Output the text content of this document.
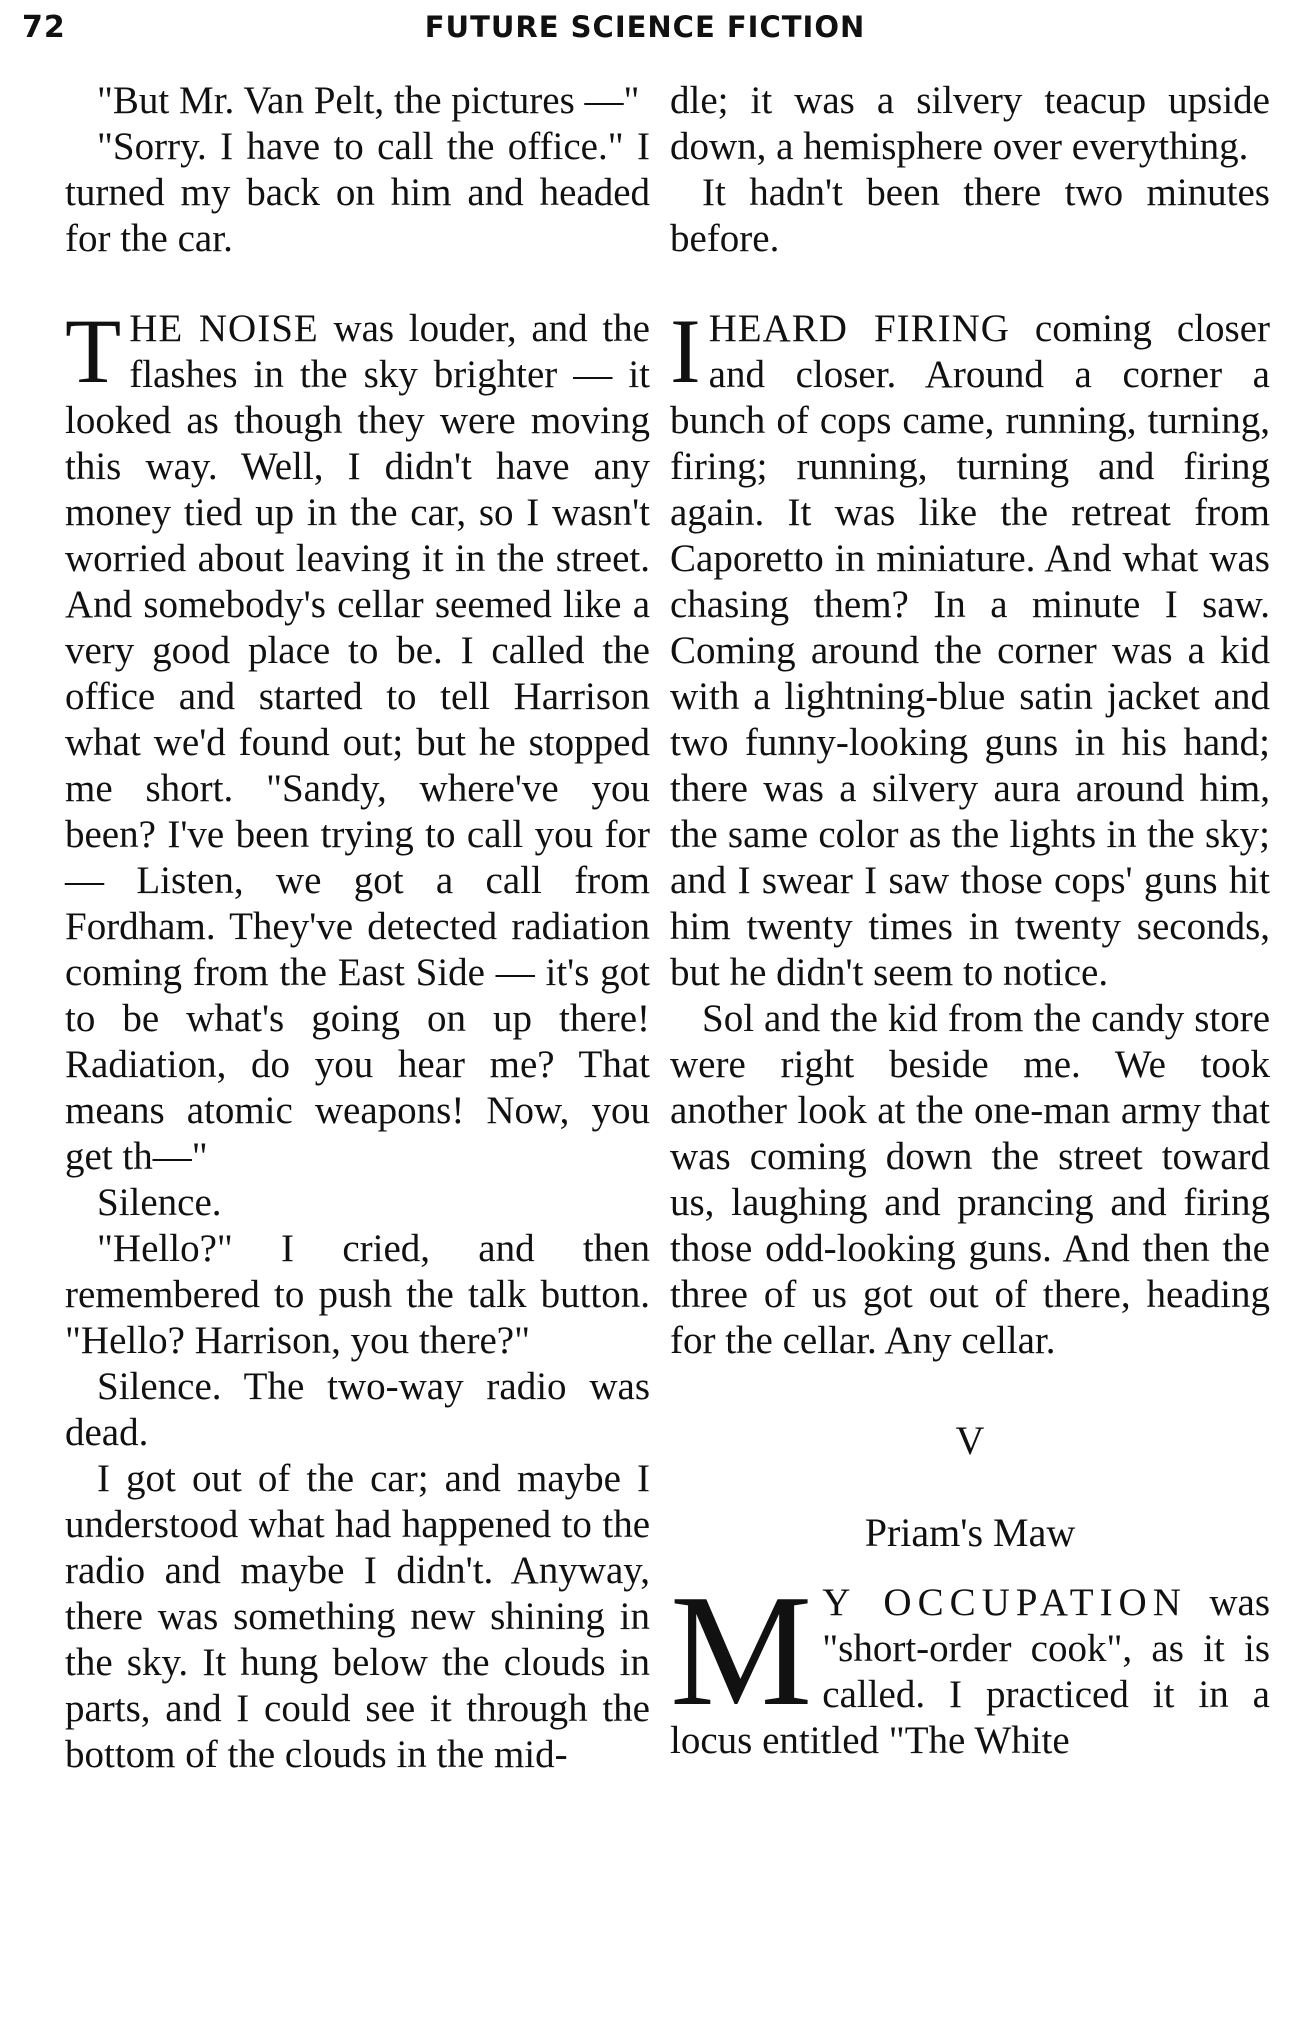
72	FUTURE SCIENCE FICTION

"But Mr. Van Pelt, the pictures —"

"Sorry. I have to call the office." I turned my back on him and headed for the car.

THE NOISE was louder, and the flashes in the sky brighter — it looked as though they were moving this way. Well, I didn't have any money tied up in the car, so I wasn't worried about leaving it in the street. And somebody's cellar seemed like a very good place to be. I called the office and started to tell Harrison what we'd found out; but he stopped me short. "Sandy, where've you been? I've been trying to call you for — Listen, we got a call from Fordham. They've detected radiation coming from the East Side — it's got to be what's going on up there! Radiation, do you hear me? That means atomic weapons! Now, you get th—"

Silence.

"Hello?" I cried, and then remembered to push the talk button. "Hello? Harrison, you there?"

Silence. The two-way radio was dead.

I got out of the car; and maybe I understood what had happened to the radio and maybe I didn't. Anyway, there was something new shining in the sky. It hung below the clouds in parts, and I could see it through the bottom of the clouds in the mid-

dle; it was a silvery teacup upside down, a hemisphere over everything.

It hadn't been there two minutes before.

IHEARD FIRING coming closer and closer. Around a corner a bunch of cops came, running, turning, firing; running, turning and firing again. It was like the retreat from Caporetto in miniature. And what was chasing them? In a minute I saw. Coming around the corner was a kid with a lightning-blue satin jacket and two funny-looking guns in his hand; there was a silvery aura around him, the same color as the lights in the sky; and I swear I saw those cops' guns hit him twenty times in twenty seconds, but he didn't seem to notice.

Sol and the kid from the candy store were right beside me. We took another look at the one-man army that was coming down the street toward us, laughing and prancing and firing those odd-looking guns. And then the three of us got out of there, heading for the cellar. Any cellar.

V
Priam's Maw

M Y OCCUPATION was "short-order cook", as it is called. I practiced it in a locus entitled "The White
